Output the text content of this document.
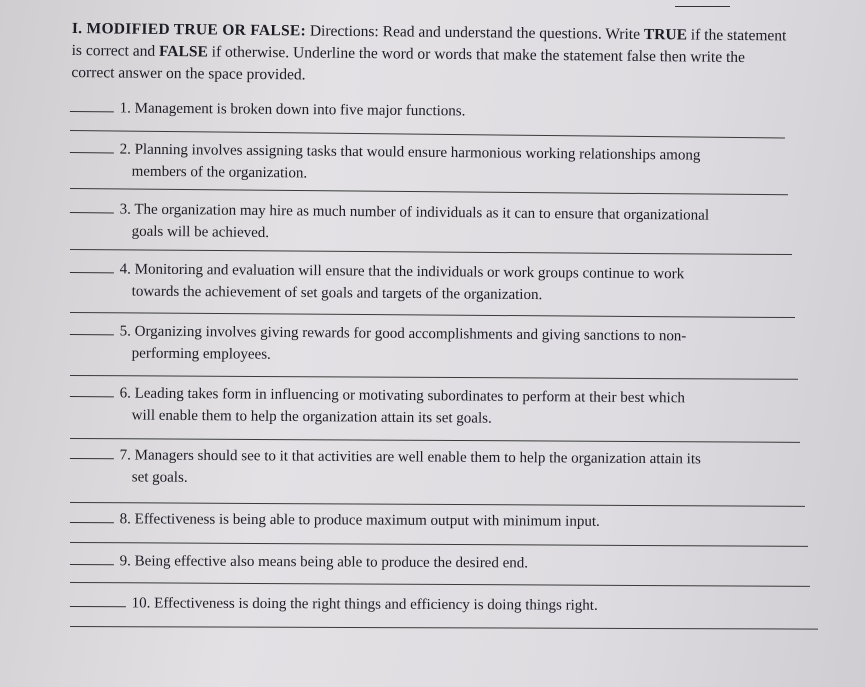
I. MODIFIED TRUE OR FALSE: Directions: Read and understand the questions. Write TRUE if the statement is correct and FALSE if otherwise. Underline the word or words that make the statement false then write the correct answer on the space provided.
1. Management is broken down into five major functions.
2. Planning involves assigning tasks that would ensure harmonious working relationships among
members of the organization.
3. The organization may hire as much number of individuals as it can to ensure that organizational
goals will be achieved.
4. Monitoring and evaluation will ensure that the individuals or work groups continue to work
towards the achievement of set goals and targets of the organization.
5. Organizing involves giving rewards for good accomplishments and giving sanctions to non-
performing employees.
6. Leading takes form in influencing or motivating subordinates to perform at their best which
will enable them to help the organization attain its set goals.
7. Managers should see to it that activities are well enable them to help the organization attain its
set goals.
8. Effectiveness is being able to produce maximum output with minimum input.
9. Being effective also means being able to produce the desired end.
10. Effectiveness is doing the right things and efficiency is doing things right.
